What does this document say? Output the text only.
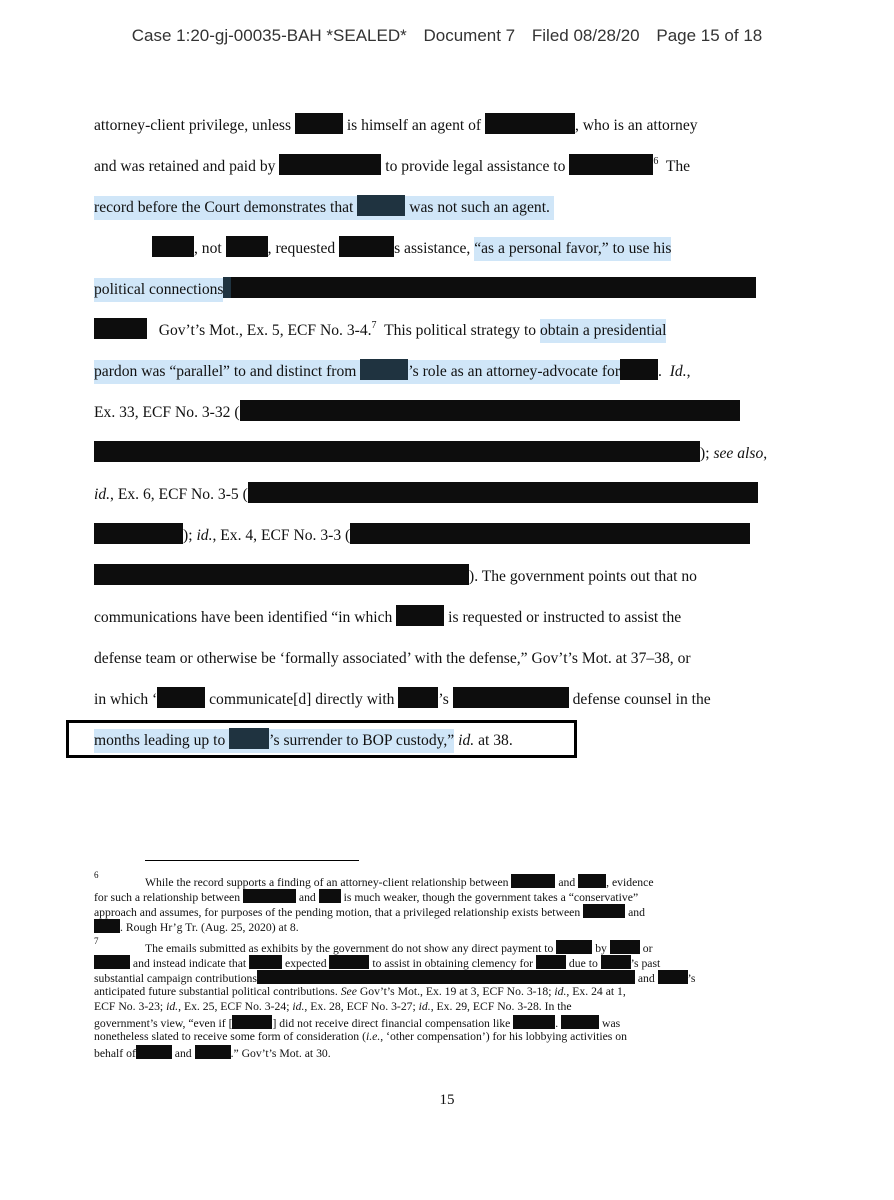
Case 1:20-gj-00035-BAH *SEALED* Document 7 Filed 08/28/20 Page 15 of 18
attorney-client privilege, unless	is himself an agent of	, who is an attorney
and was retained and paid by	to provide legal assistance to	$^6$ The
record before the Court demonstrates that	was not such an agent.
, not	, requested	s assistance, “as a personal favor,” to use his
political connections
Gov’t’s Mot., Ex. 5, ECF No. 3-4.$^7$ This political strategy to obtain a presidential
pardon was “parallel” to and distinct from	’s role as an attorney-advocate for .  Id.,
Ex. 33, ECF No. 3-32 (
); see also,
id., Ex. 6, ECF No. 3-5 (
); id., Ex. 4, ECF No. 3-3 (
). The government points out that no
communications have been identified “in which	is requested or instructed to assist the
defense team or otherwise be ‘formally associated’ with the defense,” Gov’t’s Mot. at 37–38, or
in which ‘	communicate[d] directly with	’s	defense counsel in the
months leading up to	’s surrender to BOP custody,” id. at 38.
6
While the record supports a finding of an attorney-client relationship between	and	, evidence
for such a relationship between	and is much weaker, though the government takes a “conservative”
approach and assumes, for purposes of the pending motion, that a privileged relationship exists between	and
. Rough Hr’g Tr. (Aug. 25, 2020) at 8.
7
The emails submitted as exhibits by the government do not show any direct payment to	by	or
and instead indicate that	expected	to assist in obtaining clemency for	due to	’s past
substantial campaign contributions	and	’s
anticipated future substantial political contributions. See Gov’t’s Mot., Ex. 19 at 3, ECF No. 3-18; id., Ex. 24 at 1,
ECF No. 3-23; id., Ex. 25, ECF No. 3-24; id., Ex. 28, ECF No. 3-27; id., Ex. 29, ECF No. 3-28. In the
government’s view, “even if [	] did not receive direct financial compensation like	.	was
nonetheless slated to receive some form of consideration (i.e., ‘other compensation’) for his lobbying activities on
behalf of	and	.” Gov’t’s Mot. at 30.
15
